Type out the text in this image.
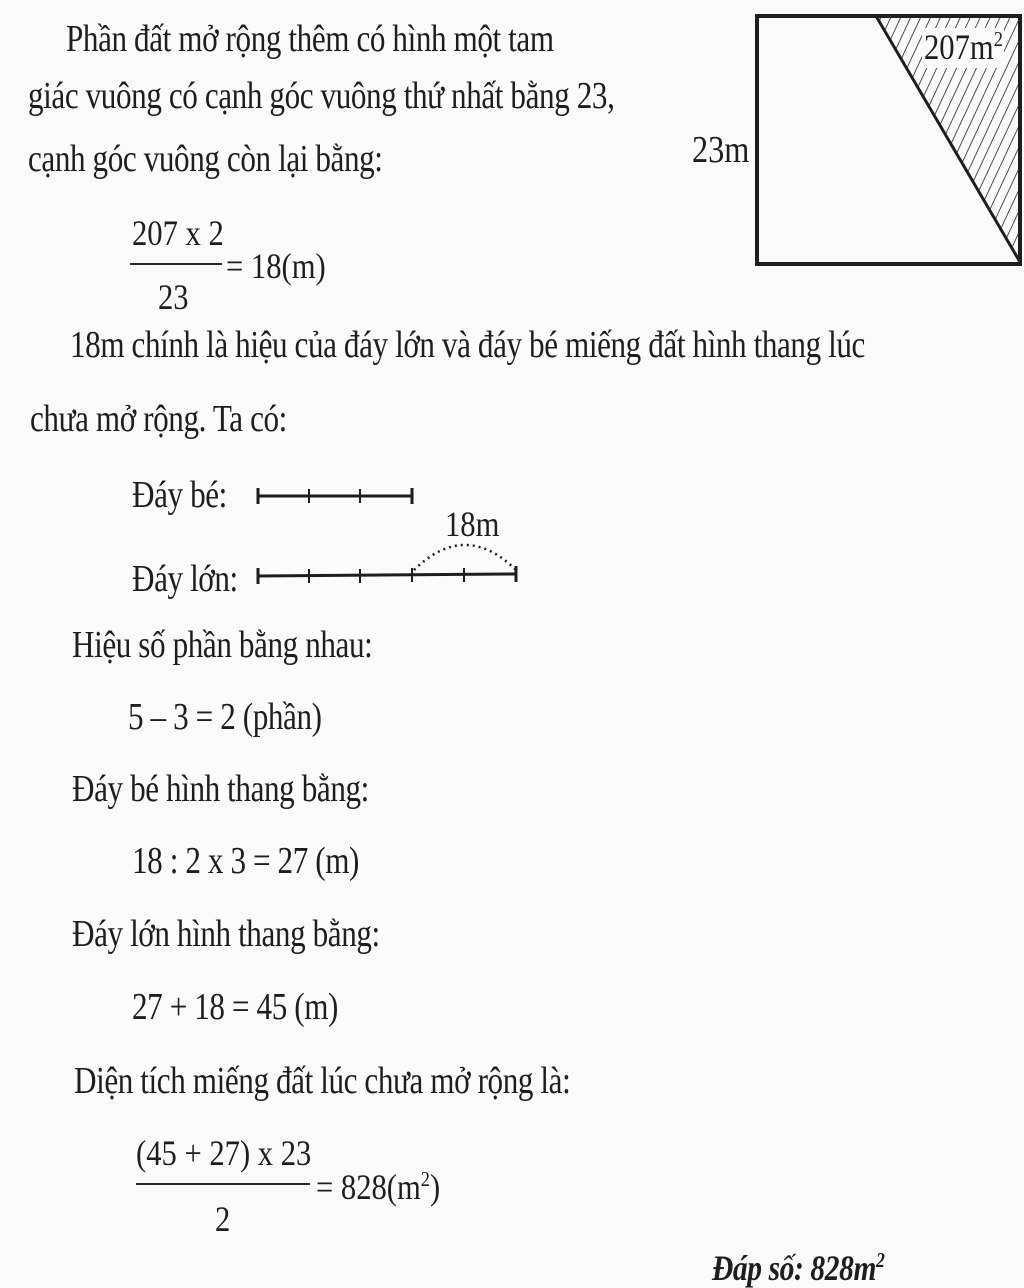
Phần đất mở rộng thêm có hình một tam
giác vuông có cạnh góc vuông thứ nhất bằng 23,
cạnh góc vuông còn lại bằng:
207 x 2
23
= 18(m)
23m
$207m^2$
18m chính là hiệu của đáy lớn và đáy bé miếng đất hình thang lúc
chưa mở rộng. Ta có:
Đáy bé:
Đáy lớn:
18m
Hiệu số phần bằng nhau:
5 – 3 = 2 (phần)
Đáy bé hình thang bằng:
18 : 2 x 3 = 27 (m)
Đáy lớn hình thang bằng:
27 + 18 = 45 (m)
Diện tích miếng đất lúc chưa mở rộng là:
(45 + 27) x 23
2
= $828(m^2)$
Đáp số: $828m^2$
